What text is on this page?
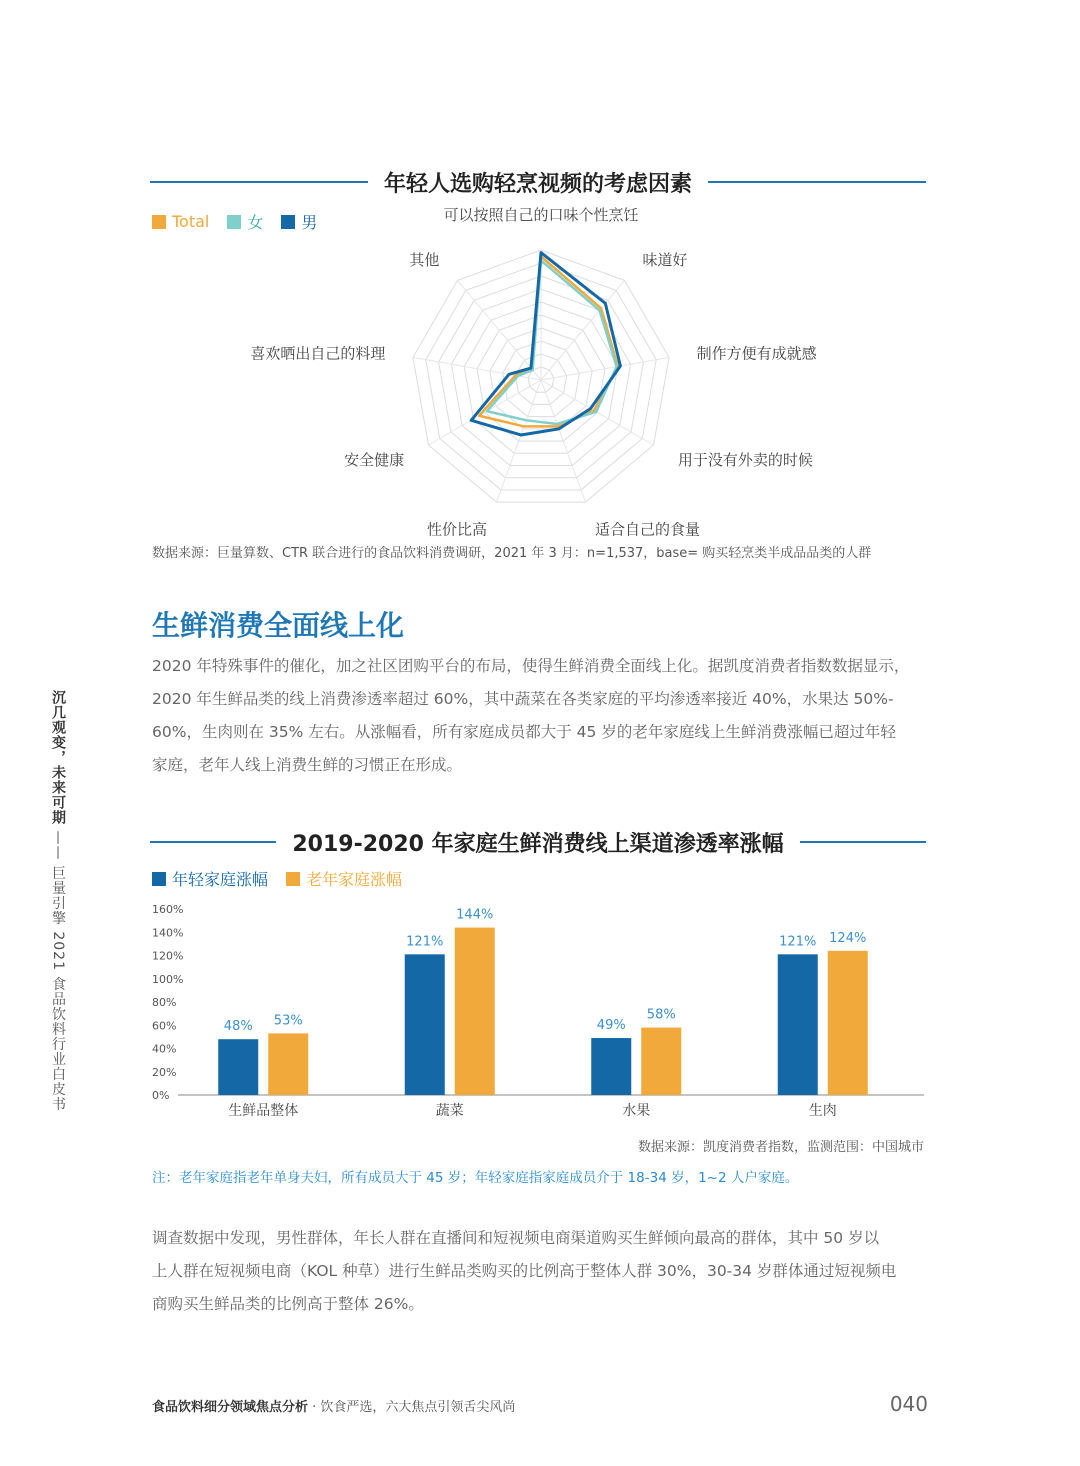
年轻人选购轻烹视频的考虑因素
Total 女 男	可以按照自己的口味个性烹饪
味道好
制作方便有成就感
用于没有外卖的时候
适合自己的食量
性价比高
安全健康
喜欢晒出自己的料理
其他
数据来源：巨量算数、CTR 联合进行的食品饮料消费调研，2021 年 3 月：n=1,537，base= 购买轻烹类半成品品类的人群
生鲜消费全面线上化

2020 年特殊事件的催化，加之社区团购平台的布局，使得生鲜消费全面线上化。据凯度消费者指数数据显示，

2020 年生鲜品类的线上消费渗透率超过 60%，其中蔬菜在各类家庭的平均渗透率接近 40%，水果达 50%-

60%，生肉则在 35% 左右。从涨幅看，所有家庭成员都大于 45 岁的老年家庭线上生鲜消费涨幅已超过年轻

家庭，老年人线上消费生鲜的习惯正在形成。

2019-2020 年家庭生鲜消费线上渠道渗透率涨幅
年轻家庭涨幅 老年家庭涨幅
0%
20%
40%
60%
80%
100%
120%
140%
160%
48% 53%
生鲜品整体
121%
144%
蔬菜
49%
58%
水果
121% 124%
生肉
数据来源：凯度消费者指数，监测范围：中国城市
注：老年家庭指老年单身夫妇，所有成员大于 45 岁；年轻家庭指家庭成员介于 18-34 岁，1~2 人户家庭。

调查数据中发现，男性群体，年长人群在直播间和短视频电商渠道购买生鲜倾向最高的群体，其中 50 岁以

上人群在短视频电商（KOL 种草）进行生鲜品类购买的比例高于整体人群 30%，30-34 岁群体通过短视频电

商购买生鲜品类的比例高于整体 26%。

沉几观变，未来可期 —— 巨量引擎 2021 食品饮料行业白皮书
食品饮料细分领域焦点分析 · 饮食严选，六大焦点引领舌尖风尚	040
